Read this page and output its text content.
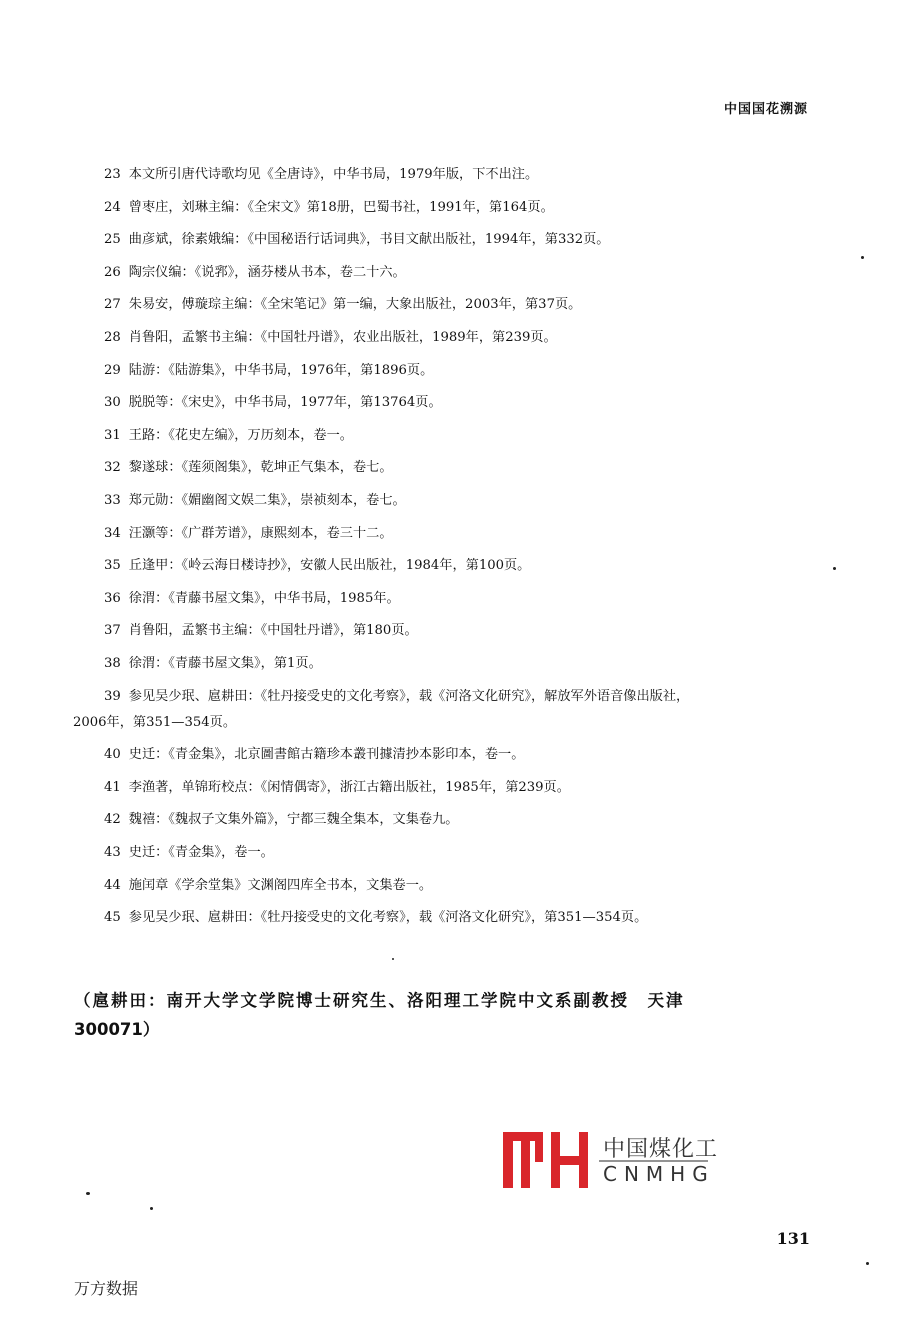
中国国花溯源
23 本文所引唐代诗歌均见《全唐诗》，中华书局，1979年版，下不出注。
24 曾枣庄，刘琳主编：《全宋文》第18册，巴蜀书社，1991年，第164页。
25 曲彦斌，徐素娥编：《中国秘语行话词典》，书目文献出版社，1994年，第332页。
26 陶宗仪编：《说郛》，涵芬楼从书本，卷二十六。
27 朱易安，傅璇琮主编：《全宋笔记》第一编，大象出版社，2003年，第37页。
28 肖鲁阳，孟繁书主编：《中国牡丹谱》，农业出版社，1989年，第239页。
29 陆游：《陆游集》，中华书局，1976年，第1896页。
30 脱脱等：《宋史》，中华书局，1977年，第13764页。
31 王路：《花史左编》，万历刻本，卷一。
32 黎遂球：《莲须阁集》，乾坤正气集本，卷七。
33 郑元勋：《媚幽阁文娱二集》，崇祯刻本，卷七。
34 汪灏等：《广群芳谱》，康熙刻本，卷三十二。
35 丘逢甲：《岭云海日楼诗抄》，安徽人民出版社，1984年，第100页。
36 徐渭：《青藤书屋文集》，中华书局，1985年。
37 肖鲁阳，孟繁书主编：《中国牡丹谱》，第180页。
38 徐渭：《青藤书屋文集》，第1页。
39 参见吴少珉、扈耕田：《牡丹接受史的文化考察》，载《河洛文化研究》，解放军外语音像出版社，
2006年，第351—354页。
40 史迁：《青金集》，北京圖書館古籍珍本叢刊據清抄本影印本，卷一。
41 李渔著，单锦珩校点：《闲情偶寄》，浙江古籍出版社，1985年，第239页。
42 魏禧：《魏叔子文集外篇》，宁都三魏全集本，文集卷九。
43 史迁：《青金集》，卷一。
44 施闰章《学余堂集》文渊阁四库全书本，文集卷一。
45 参见吴少珉、扈耕田：《牡丹接受史的文化考察》，载《河洛文化研究》，第351—354页。
（扈耕田：南开大学文学院博士研究生、洛阳理工学院中文系副教授　天津
300071）
中国煤化工
CNMHG
131
万方数据
